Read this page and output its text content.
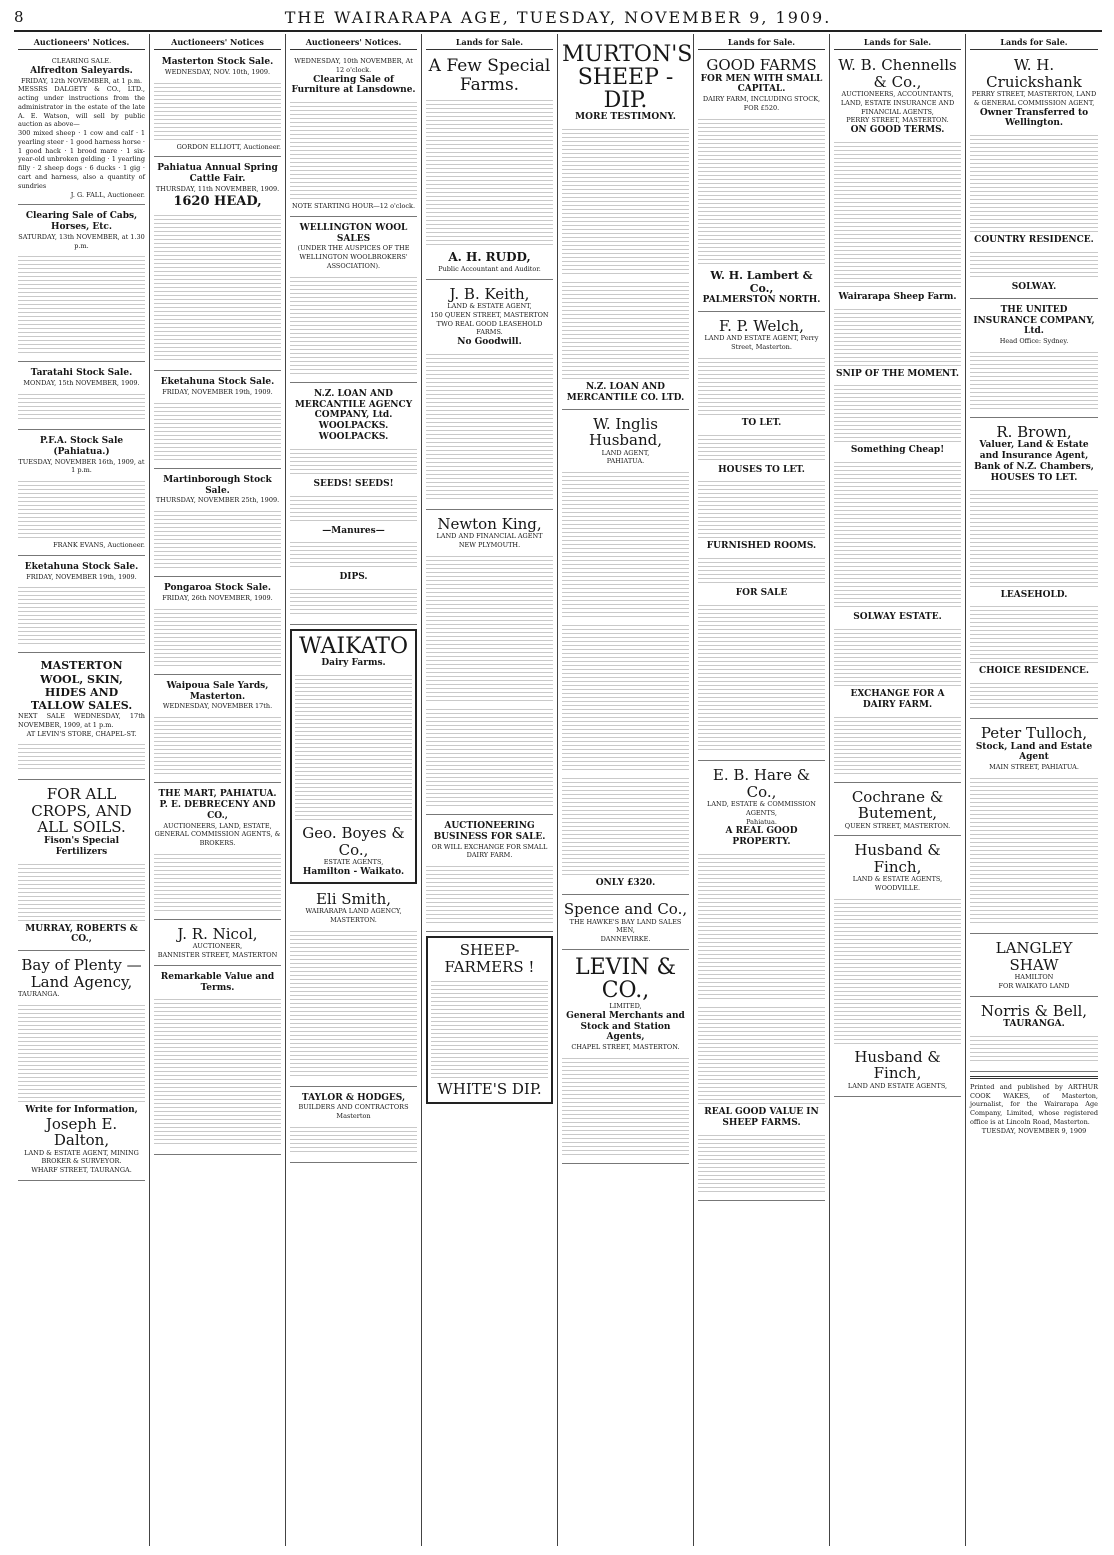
8	THE WAIRARAPA AGE, TUESDAY, NOVEMBER 9, 1909.
Auctioneers' Notices.
CLEARING SALE.
Alfredton Saleyards.
FRIDAY, 12th NOVEMBER, at 1 p.m.
MESSRS DALGETY & CO., LTD., acting under instructions from the administrator in the estate of the late A. E. Watson, will sell by public auction as above—
300 mixed sheep · 1 cow and calf · 1 yearling steer · 1 good harness horse · 1 good hack · 1 brood mare · 1 six-year-old unbroken gelding · 1 yearling filly · 2 sheep dogs · 6 ducks · 1 gig · cart and harness, also a quantity of sundries
J. G. FALL, Auctioneer.
Clearing Sale of Cabs, Horses, Etc.
SATURDAY, 13th NOVEMBER, at 1.30 p.m.
Taratahi Stock Sale.
MONDAY, 15th NOVEMBER, 1909.
P.F.A. Stock Sale (Pahiatua.)
TUESDAY, NOVEMBER 16th, 1909, at 1 p.m.
FRANK EVANS, Auctioneer.
Eketahuna Stock Sale.
FRIDAY, NOVEMBER 19th, 1909.
MASTERTON WOOL, SKIN, HIDES AND TALLOW SALES.
NEXT SALE WEDNESDAY, 17th NOVEMBER, 1909, at 1 p.m.
AT LEVIN'S STORE, CHAPEL-ST.
FOR ALL CROPS, AND ALL SOILS.
Fison's Special Fertilizers
MURRAY, ROBERTS & CO.,
Bay of Plenty — Land Agency,
TAURANGA.
Write for Information,
Joseph E. Dalton,
LAND & ESTATE AGENT, MINING BROKER & SURVEYOR.
WHARF STREET, TAURANGA.
Auctioneers' Notices
Masterton Stock Sale.
WEDNESDAY, NOV. 10th, 1909.
GORDON ELLIOTT, Auctioneer.
Pahiatua Annual Spring Cattle Fair.
THURSDAY, 11th NOVEMBER, 1909.
1620 HEAD,
Eketahuna Stock Sale.
FRIDAY, NOVEMBER 19th, 1909.
Martinborough Stock Sale.
THURSDAY, NOVEMBER 25th, 1909.
Pongaroa Stock Sale.
FRIDAY, 26th NOVEMBER, 1909.
Waipoua Sale Yards, Masterton.
WEDNESDAY, NOVEMBER 17th.
THE MART, PAHIATUA.
P. E. DEBRECENY AND CO.,
AUCTIONEERS, LAND, ESTATE, GENERAL COMMISSION AGENTS, & BROKERS.
J. R. Nicol,
AUCTIONEER,
BANNISTER STREET, MASTERTON
Remarkable Value and Terms.
Auctioneers' Notices.
WEDNESDAY, 10th NOVEMBER, At 12 o'clock.
Clearing Sale of Furniture at Lansdowne.
NOTE STARTING HOUR—12 o'clock.
WELLINGTON WOOL SALES
(UNDER THE AUSPICES OF THE WELLINGTON WOOLBROKERS' ASSOCIATION).
N.Z. LOAN AND MERCANTILE AGENCY COMPANY, Ltd.
WOOLPACKS. WOOLPACKS.
SEEDS! SEEDS!
—Manures—
DIPS.
WAIKATO
Dairy Farms.
Geo. Boyes & Co.,
ESTATE AGENTS,
Hamilton - Waikato.
Eli Smith,
WAIRARAPA LAND AGENCY, MASTERTON.
TAYLOR & HODGES,
BUILDERS AND CONTRACTORS
Masterton
Lands for Sale.
A Few Special Farms.
A. H. RUDD,
Public Accountant and Auditor.
J. B. Keith,
LAND & ESTATE AGENT,
150 QUEEN STREET, MASTERTON
TWO REAL GOOD LEASEHOLD FARMS.
No Goodwill.
Newton King,
LAND AND FINANCIAL AGENT
NEW PLYMOUTH.
AUCTIONEERING BUSINESS FOR SALE.
OR WILL EXCHANGE FOR SMALL DAIRY FARM.
SHEEP-FARMERS !
WHITE'S DIP.
MURTON'S SHEEP - DIP.
MORE TESTIMONY.
N.Z. LOAN AND MERCANTILE CO. LTD.
W. Inglis Husband,
LAND AGENT,
PAHIATUA.
ONLY £320.
Spence and Co.,
THE HAWKE'S BAY LAND SALES MEN,
DANNEVIRKE.
LEVIN & CO.,
LIMITED,
General Merchants and Stock and Station Agents,
CHAPEL STREET, MASTERTON.
Lands for Sale.
GOOD FARMS
FOR MEN WITH SMALL CAPITAL.
DAIRY FARM, INCLUDING STOCK, FOR £520.
W. H. Lambert & Co.,
PALMERSTON NORTH.
F. P. Welch,
LAND AND ESTATE AGENT, Perry Street, Masterton.
TO LET.
HOUSES TO LET.
FURNISHED ROOMS.
FOR SALE
E. B. Hare & Co.,
LAND, ESTATE & COMMISSION AGENTS,
Pahiatua.
A REAL GOOD PROPERTY.
REAL GOOD VALUE IN SHEEP FARMS.
Lands for Sale.
W. B. Chennells & Co.,
AUCTIONEERS, ACCOUNTANTS, LAND, ESTATE INSURANCE AND FINANCIAL AGENTS,
PERRY STREET, MASTERTON.
ON GOOD TERMS.
Wairarapa Sheep Farm.
SNIP OF THE MOMENT.
Something Cheap!
SOLWAY ESTATE.
EXCHANGE FOR A DAIRY FARM.
Cochrane & Butement,
QUEEN STREET, MASTERTON.
Husband & Finch,
LAND & ESTATE AGENTS,
WOODVILLE.
Husband & Finch,
LAND AND ESTATE AGENTS,
Lands for Sale.
W. H. Cruickshank
PERRY STREET, MASTERTON, LAND & GENERAL COMMISSION AGENT,
Owner Transferred to Wellington.
COUNTRY RESIDENCE.
SOLWAY.
THE UNITED INSURANCE COMPANY, Ltd.
Head Office: Sydney.
R. Brown,
Valuer, Land & Estate and Insurance Agent,
Bank of N.Z. Chambers,
HOUSES TO LET.
LEASEHOLD.
CHOICE RESIDENCE.
Peter Tulloch,
Stock, Land and Estate Agent
MAIN STREET, PAHIATUA.
LANGLEY SHAW
HAMILTON
FOR WAIKATO LAND
Norris & Bell,
TAURANGA.
Printed and published by ARTHUR COOK WAKES, of Masterton, journalist, for the Wairarapa Age Company, Limited, whose registered office is at Lincoln Road, Masterton.
TUESDAY, NOVEMBER 9, 1909
